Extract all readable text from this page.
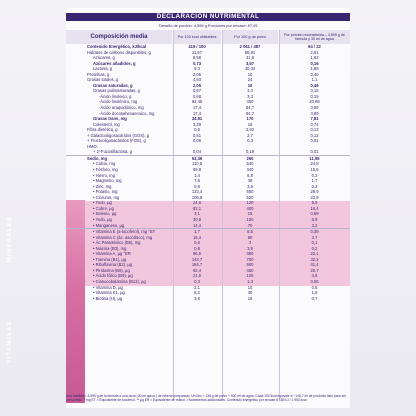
MINERALES
VITAMINAS
DECLARACIÓN NUTRIMENTAL
Tamaño de porción: 4,595 g Porciones por envase: 87,05
Composición media	Por 100 kcal utilizables	Por 100 g de polvo
Por porción reconstituida – 4,595 g de fórmula y 30 ml de agua
Contenido Energético, kJ/kcal	419 / 100	2 041 / 487	94 / 22
Hidratos de carbono disponibles, g	11,67	56,81	2,61
Azúcares, g	8,58	41,8	1,92
Azúcares añadidos, g	0,73	3,57	0,16
Lactosa, g	8,3	40,34	1,86
Proteínas, g	2,05	10	0,46
Grasas totales, g	4,93	24	1,1
Grasas saturadas, g	2,05	10	0,46
Grasas poliinsaturadas, g	0,67	3,3	0,15
-Ácido linoleico, g	0,68	3,3	0,15
-Ácido linolénico, mg	92,45	450	20,68
-Ácido araquidónico, mg	17,4	84,7	3,89
-Ácido docosahexaenoico, mg	17,4	84,7	3,89
Grasas trans, mg	34,91	170	7,81
Colesterol, mg	3,29	16	0,74
Fibra dietética, g	0,6	2,92	0,13
+ Galactooligosacáridos (GOS), g	0,51	2,7	0,12
+ Fructooligosacáridos (FOS), g	0,06	0,3	0,01
HMO:
+ 2'-Fucosillactosa, g	0,04	0,19	0,01
Sodio, mg	53,39	260	11,95
• Calcio, mg	110,8	540	24,8
• Fósforo, mg	69,8	340	15,6
• Hierro, mg	1,4	6,8	0,3
• Magnesio, mg	7,8	38	1,7
• Zinc, mg	0,8	3,9	0,2
• Potasio, mg	133,4	650	29,9
• Cloruros, mg	106,8	520	23,9
• Yodo, µg	24,6	120	5,5
• Cobre, µg	82,1	400	18,4
• Selenio, µg	3,1	15	0,69
• Yodo, µg	30,8	150	6,9
• Manganeso, µg	14,4	70	3,2
• Vitamina E (a-tocoferol), mg °ET	1,7	8,5	0,39
• Vitamina C (ác. ascórbico), mg	16,4	80	3,7
• Ác.Pantoténico (B5), mg	0,6	3	0,1
• Niacina (B3), mg	0,8	3,9	0,2
• Vitamina A, µg °ER	96,5	480	22,1
• Tiamina (B1), µg	143,7	700	32,2
• Riboflavina (B2), µg	164,7	900	41,4
• Piridoxina (B6), µg	92,4	450	20,7
• Ácido fólico (B9), µg	21,5	105	4,8
• Cianocobalamina (B12), µg	0,3	1,3	0,06
• Vitamina D, µg	2,1	10	0,5
• Vitamina K1, µg	8,2	40	1,8
• Biotina (H), µg	3,6	16	0,7
Una medida = 4,595 g de la fórmula o una onza (30 ml aprox.) de biberón preparado. Un litro = 138 g de polvo + 900 ml de agua. Cada 100 kcal equivale a ~148,7 ml de producto listo para ser consumido. * mg ET = Equivalente de tocoferol. ** µg ER = Equivalente de retinol. • Nutrimentos adicionados. Contenido energético por envase 8 183 kJ / 1 953 kcal
